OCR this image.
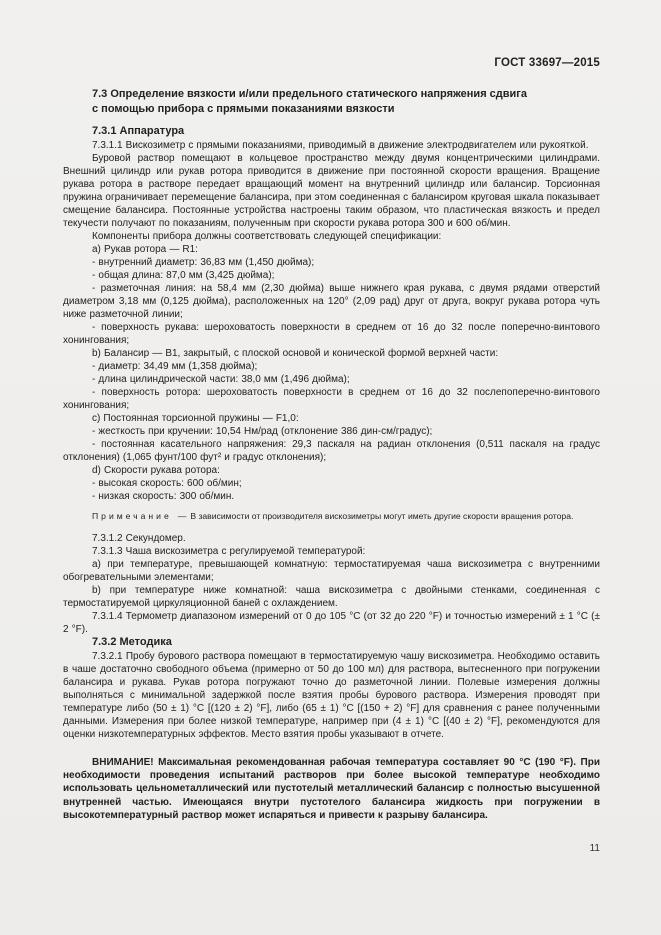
ГОСТ 33697—2015

7.3 Определение вязкости и/или предельного статического напряжения сдвига
с помощью прибора с прямыми показаниями вязкости
7.3.1 Аппаратура

7.3.1.1 Вискозиметр с прямыми показаниями, приводимый в движение электродвигателем или рукояткой.

Буровой раствор помещают в кольцевое пространство между двумя концентрическими цилиндрами. Внешний цилиндр или рукав ротора приводится в движение при постоянной скорости вращения. Вращение рукава ротора в растворе передает вращающий момент на внутренний цилиндр или балансир. Торсионная пружина ограничивает перемещение балансира, при этом соединенная с балансиром круговая шкала показывает смещение балансира. Постоянные устройства настроены таким образом, что пластическая вязкость и предел текучести получают по показаниям, полученным при скорости рукава ротора 300 и 600 об/мин.

Компоненты прибора должны соответствовать следующей спецификации:

a) Рукав ротора — R1:

- внутренний диаметр: 36,83 мм (1,450 дюйма);

- общая длина: 87,0 мм (3,425 дюйма);

- разметочная линия: на 58,4 мм (2,30 дюйма) выше нижнего края рукава, с двумя рядами отверстий диаметром 3,18 мм (0,125 дюйма), расположенных на 120° (2,09 рад) друг от друга, вокруг рукава ротора чуть ниже разметочной линии;

- поверхность рукава: шероховатость поверхности в среднем от 16 до 32 после поперечно-винтового хонингования;

b) Балансир — B1, закрытый, с плоской основой и конической формой верхней части:

- диаметр: 34,49 мм (1,358 дюйма);

- длина цилиндрической части: 38,0 мм (1,496 дюйма);

- поверхность ротора: шероховатость поверхности в среднем от 16 до 32 послепоперечно-винтового хонингования;

c) Постоянная торсионной пружины — F1,0:

- жесткость при кручении: 10,54 Нм/рад (отклонение 386 дин-см/градус);

- постоянная касательного напряжения: 29,3 паскаля на радиан отклонения (0,511 паскаля на градус отклонения) (1,065 фунт/100 фут² и градус отклонения);

d) Скорости рукава ротора:

- высокая скорость: 600 об/мин;

- низкая скорость: 300 об/мин.

Примечание — В зависимости от производителя вискозиметры могут иметь другие скорости вращения ротора.

7.3.1.2 Секундомер.

7.3.1.3 Чаша вискозиметра с регулируемой температурой:

a) при температуре, превышающей комнатную: термостатируемая чаша вискозиметра с внутренними обогревательными элементами;

b) при температуре ниже комнатной: чаша вискозиметра с двойными стенками, соединенная с термостатируемой циркуляционной баней с охлаждением.

7.3.1.4 Термометр диапазоном измерений от 0 до 105 °C (от 32 до 220 °F) и точностью измерений ± 1 °C (± 2 °F).

7.3.2 Методика

7.3.2.1 Пробу бурового раствора помещают в термостатируемую чашу вискозиметра. Необходимо оставить в чаше достаточно свободного объема (примерно от 50 до 100 мл) для раствора, вытесненного при погружении балансира и рукава. Рукав ротора погружают точно до разметочной линии. Полевые измерения должны выполняться с минимальной задержкой после взятия пробы бурового раствора. Измерения проводят при температуре либо (50 ± 1) °C [(120 ± 2) °F], либо (65 ± 1) °C [(150 + 2) °F] для сравнения с ранее полученными данными. Измерения при более низкой температуре, например при (4 ± 1) °C [(40 ± 2) °F], рекомендуются для оценки низкотемпературных эффектов. Место взятия пробы указывают в отчете.

ВНИМАНИЕ! Максимальная рекомендованная рабочая температура составляет 90 °C (190 °F). При необходимости проведения испытаний растворов при более высокой температуре необходимо использовать цельнометаллический или пустотелый металлический балансир с полностью высушенной внутренней частью. Имеющаяся внутри пустотелого балансира жидкость при погружении в высокотемпературный раствор может испаряться и привести к разрыву балансира.

11
